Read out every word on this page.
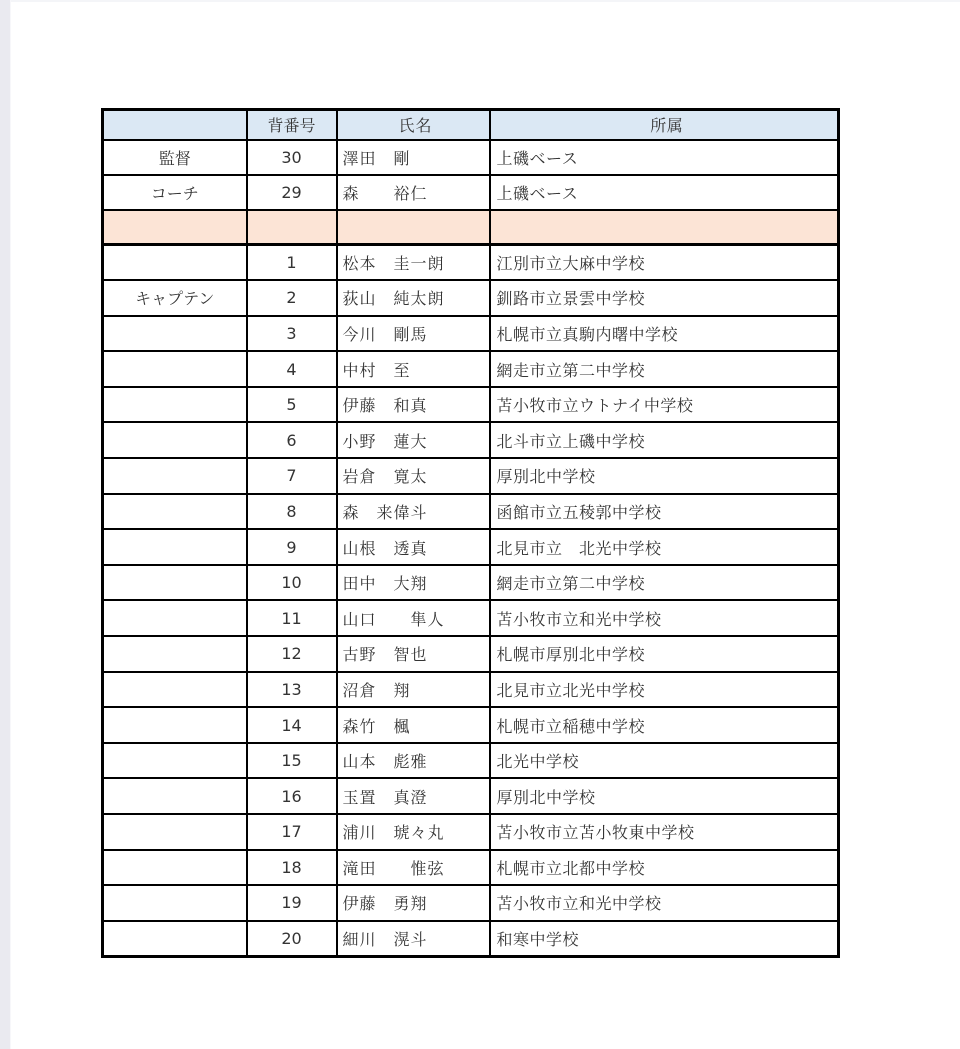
	背番号	氏名	所属
監督	30	澤田　剛	上磯ベース
コーチ	29	森　　裕仁	上磯ベース

	1	松本　圭一朗	江別市立大麻中学校
キャプテン	2	荻山　純太朗	釧路市立景雲中学校
	3	今川　剛馬	札幌市立真駒内曙中学校
	4	中村　至	網走市立第二中学校
	5	伊藤　和真	苫小牧市立ウトナイ中学校
	6	小野　蓮大	北斗市立上磯中学校
	7	岩倉　寛太	厚別北中学校
	8	森　来偉斗	函館市立五稜郭中学校
	9	山根　透真	北見市立　北光中学校
	10	田中　大翔	網走市立第二中学校
	11	山口　　隼人	苫小牧市立和光中学校
	12	古野　智也	札幌市厚別北中学校
	13	沼倉　翔	北見市立北光中学校
	14	森竹　楓	札幌市立稲穂中学校
	15	山本　彪雅	北光中学校
	16	玉置　真澄	厚別北中学校
	17	浦川　琥々丸	苫小牧市立苫小牧東中学校
	18	滝田　　惟弦	札幌市立北都中学校
	19	伊藤　勇翔	苫小牧市立和光中学校
	20	細川　滉斗	和寒中学校
